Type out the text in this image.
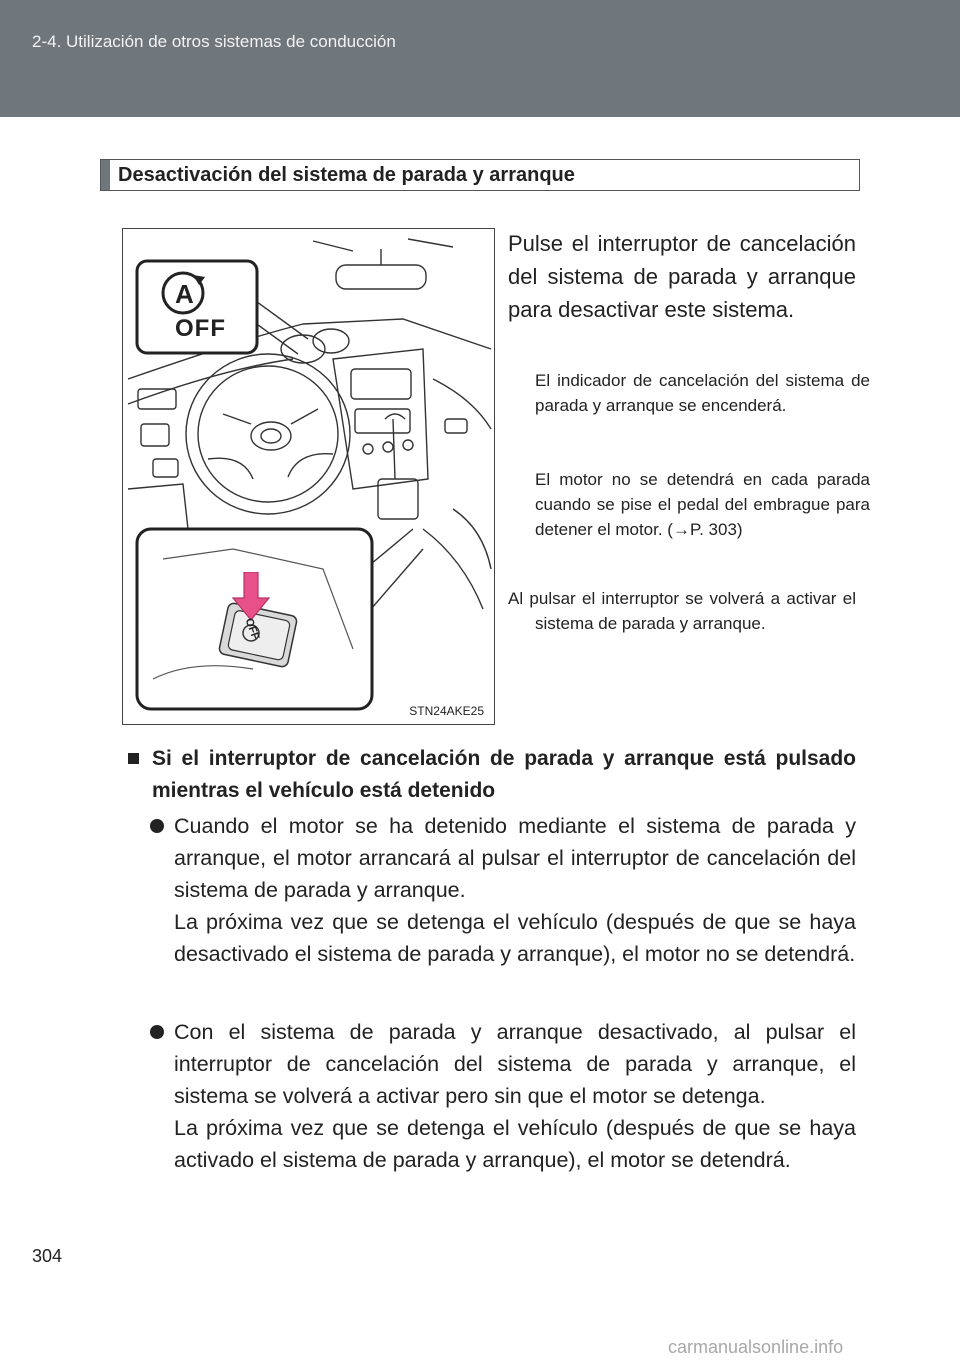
2-4. Utilización de otros sistemas de conducción
Desactivación del sistema de parada y arranque
A
OFF
OFF
STN24AKE25
Pulse el interruptor de cancelación del sistema de parada y arranque para desactivar este sistema.
El indicador de cancelación del sistema de parada y arranque se encenderá.
El motor no se detendrá en cada parada cuando se pise el pedal del embrague para detener el motor. (→P. 303)
Al pulsar el interruptor se volverá a activar el sistema de parada y arranque.
Si el interruptor de cancelación de parada y arranque está pulsado mientras el vehículo está detenido
Cuando el motor se ha detenido mediante el sistema de parada y arranque, el motor arrancará al pulsar el interruptor de cancelación del sistema de parada y arranque.
La próxima vez que se detenga el vehículo (después de que se haya desactivado el sistema de parada y arranque), el motor no se detendrá.
Con el sistema de parada y arranque desactivado, al pulsar el interruptor de cancelación del sistema de parada y arranque, el sistema se volverá a activar pero sin que el motor se detenga.
La próxima vez que se detenga el vehículo (después de que se haya activado el sistema de parada y arranque), el motor se detendrá.
304
carmanualsonline.info
